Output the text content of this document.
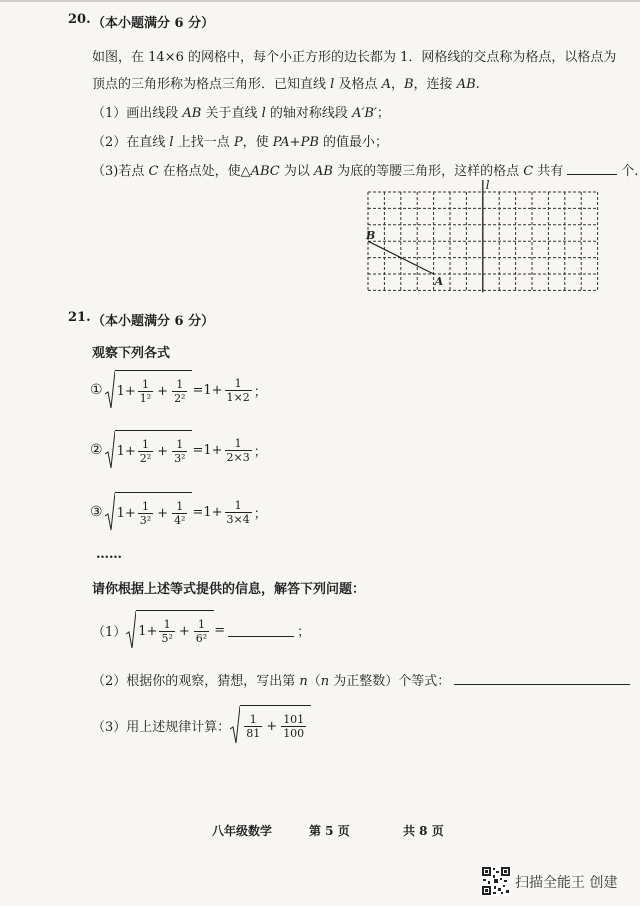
20. （本小题满分 6 分）
如图，在 14×6 的网格中，每个小正方形的边长都为 1．网格线的交点称为格点，以格点为
顶点的三角形称为格点三角形．已知直线 l 及格点 A，B，连接 AB.
（1）画出线段 AB 关于直线 l 的轴对称线段 A′B′；
（2）在直线 l 上找一点 P，使 PA+PB 的值最小；
（3)若点 C 在格点处，使△ABC 为以 AB 为底的等腰三角形，这样的格点 C 共有	个.
l
B
A
21. （本小题满分 6 分）
观察下列各式
① $1+ \frac{1}{\text{1²}} + \frac{1}{\text{2²}} =1+ \frac{1}{1\times 2}$ ；
② $1+ \frac{1}{\text{2²}} + \frac{1}{\text{3²}} =1+ \frac{1}{2\times 3}$ ；
③ $1+ \frac{1}{\text{3²}} + \frac{1}{\text{4²}} =1+ \frac{1}{3\times 4}$ ；
……
请你根据上述等式提供的信息，解答下列问题：
（1） $1+ \frac{1}{\text{5²}} + \frac{1}{\text{6²}}$ =	；
（2）根据你的观察，猜想，写出第 n（n 为正整数）个等式：
（3）用上述规律计算： $\frac{1}{81} + \frac{101}{100}$
八年级数学	第 5 页	共 8 页
扫描全能王 创建
